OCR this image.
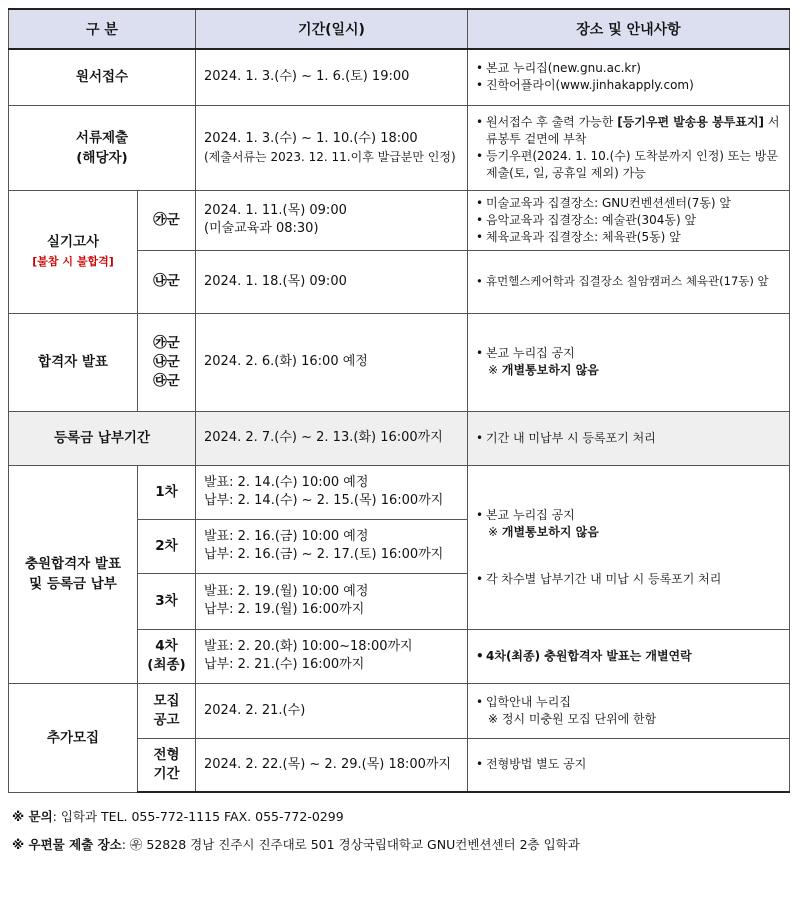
구 분		기간(일시)	장소 및 안내사항
원서접수		2024. 1. 3.(수) ~ 1. 6.(토) 19:00	• 본교 누리집(new.gnu.ac.kr)
• 진학어플라이(www.jinhakapply.com)

서류제출
(해당자)		2024. 1. 3.(수) ~ 1. 10.(수) 18:00
(제출서류는 2023. 12. 11.이후 발급분만 인정)	• 원서접수 후 출력 가능한 [등기우편 발송용 봉투표지] 서류봉투 겉면에 부착
• 등기우편(2024. 1. 10.(수) 도착분까지 인정) 또는 방문제출(토, 일, 공휴일 제외) 가능

실기고사
[불참 시 불합격]	㉮군	2024. 1. 11.(목) 09:00
(미술교육과 08:30)	• 미술교육과 집결장소: GNU컨벤션센터(7동) 앞
• 음악교육과 집결장소: 예술관(304동) 앞
• 체육교육과 집결장소: 체육관(5동) 앞

	㉯군	2024. 1. 18.(목) 09:00	• 휴먼헬스케어학과 집결장소 칠암캠퍼스 체육관(17동) 앞

합격자 발표	㉮군
㉯군
㉰군	2024. 2. 6.(화) 16:00 예정	• 본교 누리집 공지
※ 개별통보하지 않음

등록금 납부기간		2024. 2. 7.(수) ~ 2. 13.(화) 16:00까지	• 기간 내 미납부 시 등록포기 처리

충원합격자 발표
및 등록금 납부	1차	발표: 2. 14.(수) 10:00 예정
납부: 2. 14.(수) ~ 2. 15.(목) 16:00까지	• 본교 누리집 공지
※ 개별통보하지 않음
• 각 차수별 납부기간 내 미납 시 등록포기 처리

	2차	발표: 2. 16.(금) 10:00 예정
납부: 2. 16.(금) ~ 2. 17.(토) 16:00까지	

	3차	발표: 2. 19.(월) 10:00 예정
납부: 2. 19.(월) 16:00까지	

	4차
(최종)	발표: 2. 20.(화) 10:00~18:00까지
납부: 2. 21.(수) 16:00까지	• 4차(최종) 충원합격자 발표는 개별연락

추가모집	모집
공고	2024. 2. 21.(수)	• 입학안내 누리집
※ 정시 미충원 모집 단위에 한함

	전형
기간	2024. 2. 22.(목) ~ 2. 29.(목) 18:00까지	• 전형방법 별도 공지
※ 문의: 입학과 TEL. 055-772-1115 FAX. 055-772-0299
※ 우편물 제출 장소: ㉾ 52828 경남 진주시 진주대로 501 경상국립대학교 GNU컨벤션센터 2층 입학과
